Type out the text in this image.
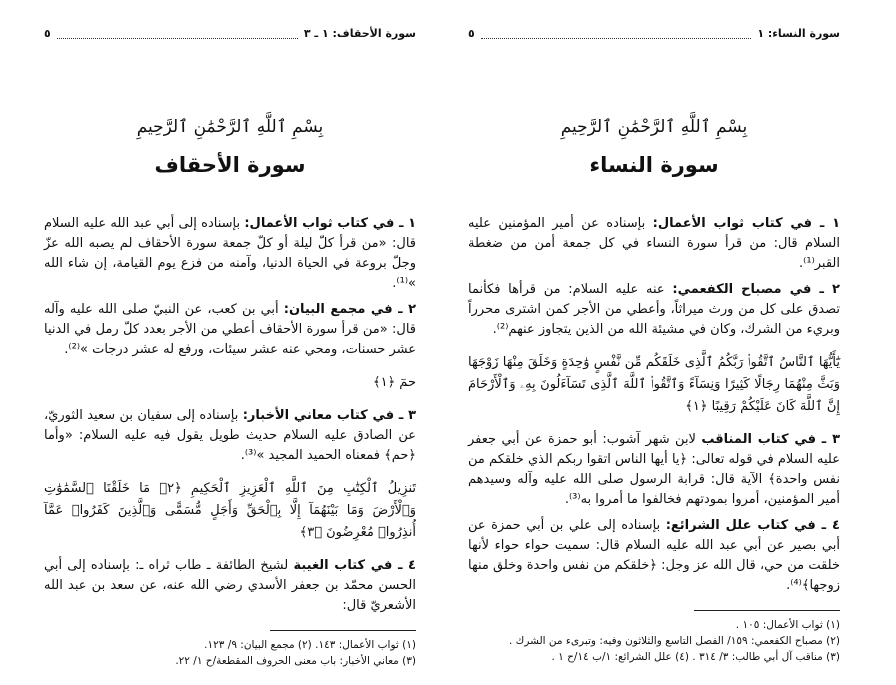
سورة النساء: ١
٥
بِسْمِ ٱللَّهِ ٱلرَّحْمَٰنِ ٱلرَّحِيمِ
سورة النساء
١ ـ في كتاب ثواب الأعمال: بإسناده عن أمير المؤمنين عليه السلام قال: من قرأ سورة النساء في كل جمعة أمن من ضغطة القبر⁽¹⁾.
٢ ـ في مصباح الكفعمي: عنه عليه السلام: من قرأها فكأنما تصدق على كل من ورث ميراثاً، وأعطي من الأجر كمن اشترى محرراً وبريء من الشرك، وكان في مشيئة الله من الذين يتجاوز عنهم⁽²⁾.
يَٰٓأَيُّهَا ٱلنَّاسُ ٱتَّقُوا۟ رَبَّكُمُ ٱلَّذِى خَلَقَكُم مِّن نَّفْسٍ وَٰحِدَةٍ وَخَلَقَ مِنْهَا زَوْجَهَا وَبَثَّ مِنْهُمَا رِجَالًا كَثِيرًا وَنِسَآءً وَٱتَّقُوا۟ ٱللَّهَ ٱلَّذِى تَسَآءَلُونَ بِهِۦ وَٱلْأَرْحَامَ إِنَّ ٱللَّهَ كَانَ عَلَيْكُمْ رَقِيبًا ﴿١﴾
٣ ـ في كتاب المناقب لابن شهر آشوب: أبو حمزة عن أبي جعفر عليه السلام في قوله تعالى: ﴿يا أيها الناس اتقوا ربكم الذي خلقكم من نفس واحدة﴾ الآية قال: قرابة الرسول صلى الله عليه وآله وسيدهم أمير المؤمنين، أمروا بمودتهم فخالفوا ما أمروا به⁽³⁾.
٤ ـ في كتاب علل الشرائع: بإسناده إلى علي بن أبي حمزة عن أبي بصير عن أبي عبد الله عليه السلام قال: سميت حواء حواء لأنها خلقت من حي، قال الله عز وجل: ﴿خلقكم من نفس واحدة وخلق منها زوجها﴾⁽⁴⁾.
(١) ثواب الأعمال: ١٠٥ .
(٢) مصباح الكفعمي: ١٥٩/ الفصل التاسع والثلاثون وفيه: وتبرىء من الشرك .
(٣) مناقب آل أبي طالب: ٣/ ٣١٤ . (٤) علل الشرائع: ١/ب ١٤/ح ١ .
سورة الأحقاف: ١ ـ ٣
٥
بِسْمِ ٱللَّهِ ٱلرَّحْمَٰنِ ٱلرَّحِيمِ
سورة الأحقاف
١ ـ في كتاب ثواب الأعمال: بإسناده إلى أبي عبد الله عليه السلام قال: «من قرأ كلّ ليلة أو كلّ جمعة سورة الأحقاف لم يصبه الله عزّ وجلّ بروعة في الحياة الدنيا، وآمنه من فزع يوم القيامة، إن شاء الله »⁽¹⁾.
٢ ـ في مجمع البيان: أبي بن كعب، عن النبيّ صلى الله عليه وآله قال: «من قرأ سورة الأحقاف أعطي من الأجر بعدد كلّ رمل في الدنيا عشر حسنات، ومحي عنه عشر سيئات، ورفع له عشر درجات »⁽²⁾.
حمٓ ﴿١﴾
٣ ـ في كتاب معاني الأخبار: بإسناده إلى سفيان بن سعيد الثوريّ، عن الصادق عليه السلام حديث طويل يقول فيه عليه السلام: «وأما ﴿حم﴾ فمعناه الحميد المجيد »⁽³⁾.
تَنزِيلُ ٱلْكِتَٰبِ مِنَ ٱللَّهِ ٱلْعَزِيزِ ٱلْحَكِيمِ ﴿٢﴾ مَا خَلَقْنَا ٱلسَّمَٰوَٰتِ وَٱلْأَرْضَ وَمَا بَيْنَهُمَآ إِلَّا بِٱلْحَقِّ وَأَجَلٍ مُّسَمًّى وَٱلَّذِينَ كَفَرُوا۟ عَمَّآ أُنذِرُوا۟ مُعْرِضُونَ ﴿٣﴾
٤ ـ في كتاب الغيبة لشيخ الطائفة ـ طاب ثراه ـ: بإسناده إلى أبي الحسن محمّد بن جعفر الأسدي رضي الله عنه، عن سعد بن عبد الله الأشعريّ قال:
(١) ثواب الأعمال: ١٤٣. (٢) مجمع البيان: ٩/ ١٢٣.
(٣) معاني الأخبار: باب معنى الحروف المقطعة/ح ١/ ٢٢.
